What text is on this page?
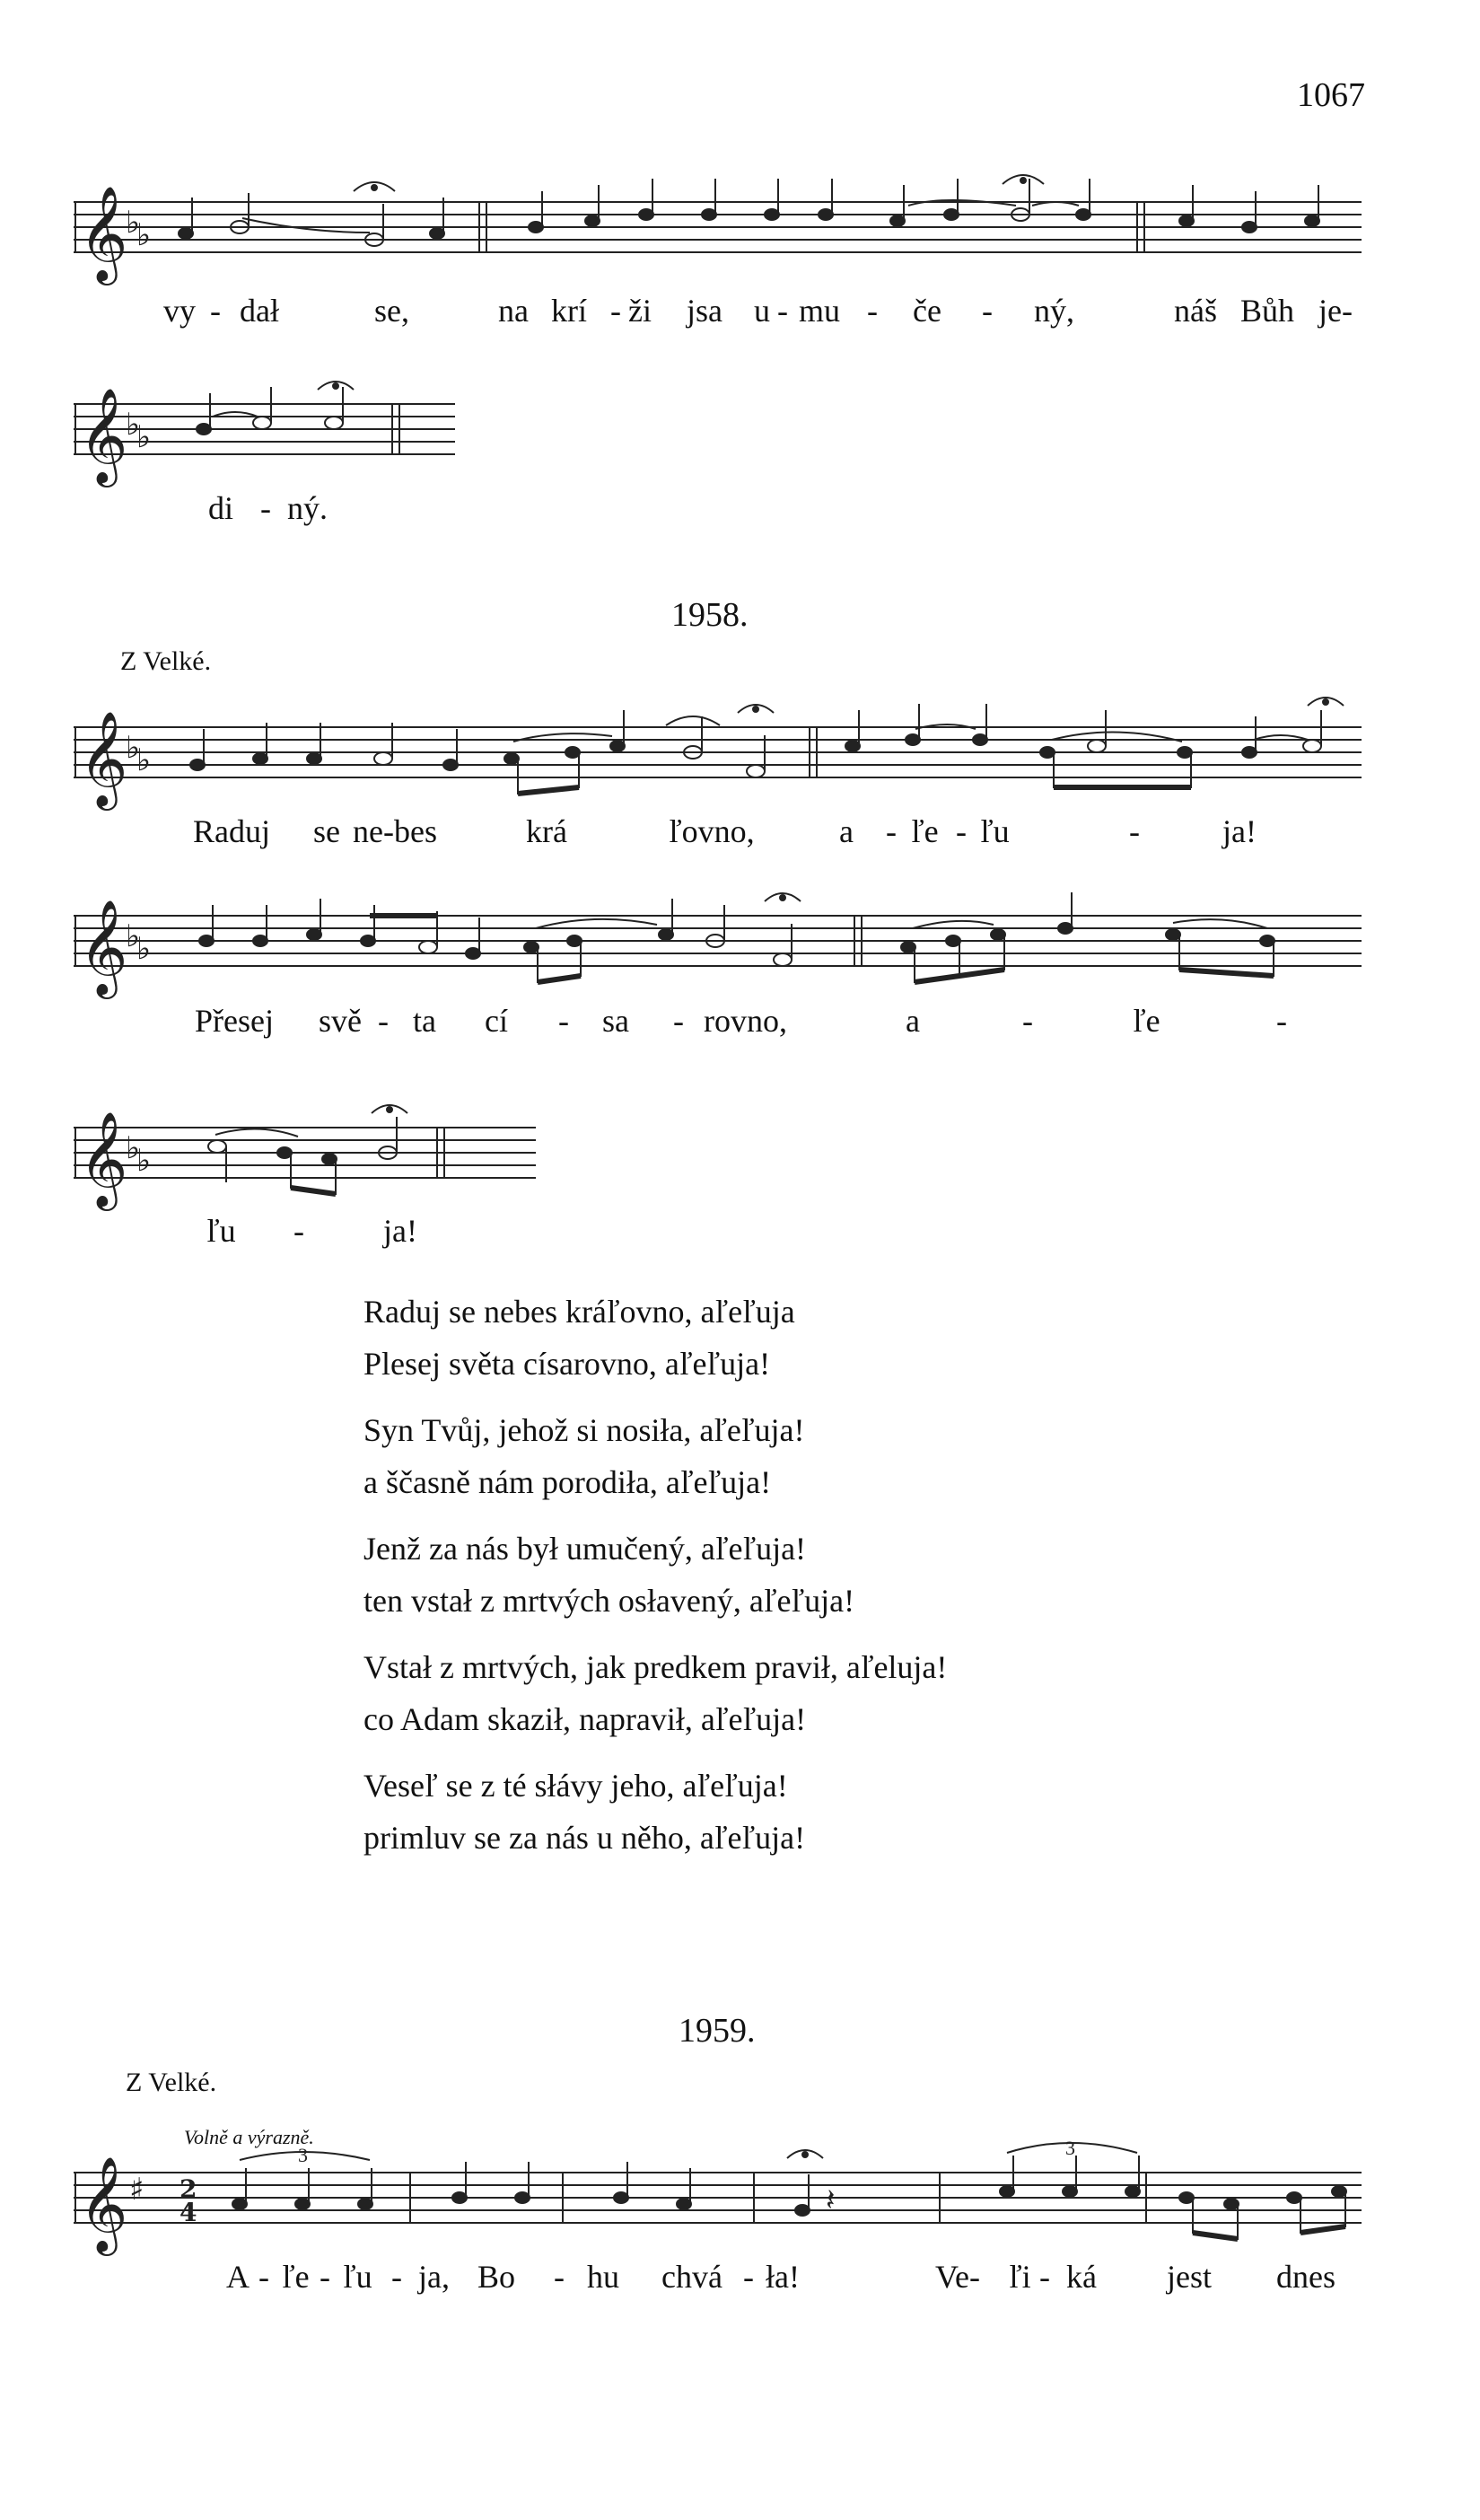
1067
𝄞
♭
♭
vy - dał	se,	na krí - ži jsa u - mu - če - ný,	náš Bůh je-
𝄞
♭
♭
di - ný.
1958.
Z Velké.
𝄞
♭
♭
Raduj se ne-bes	krá	ľovno,	a - ľe - ľu	-	ja!
𝄞
♭
♭
Přesej svě - ta cí - sa - rovno,	a	-	ľe	-
𝄞
♭
♭
ľu - ja!
Raduj se nebes kráľovno, aľeľuja
Plesej světa císarovno, aľeľuja!
Syn Tvůj, jehož si nosiła, aľeľuja!
a ščasně nám porodiła, aľeľuja!
Jenž za nás był umučený, aľeľuja!
ten vstał z mrtvých osłavený, aľeľuja!
Vstał z mrtvých, jak predkem pravił, aľeluja!
co Adam skaził, napravił, aľeľuja!
Veseľ se z té słávy jeho, aľeľuja!
primluv se za nás u něho, aľeľuja!
1959.
Z Velké.
Volně a výrazně.
𝄞 ♯ 2
4	𝄽
3	3
A - ľe - ľu - ja, Bo - hu chvá - ła!	Ve- ľi - ká jest dnes
